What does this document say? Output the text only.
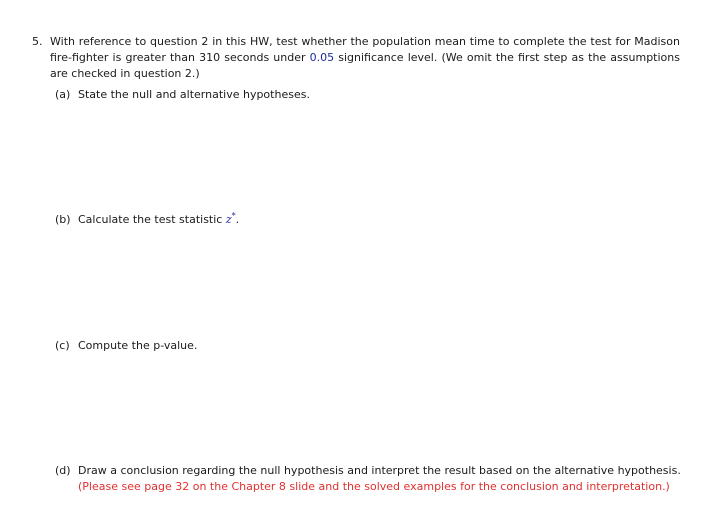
5. With reference to question 2 in this HW, test whether the population mean time to complete the test for Madison fire-fighter is greater than 310 seconds under 0.05 significance level. (We omit the first step as the assumptions are checked in question 2.)
(a) State the null and alternative hypotheses.
(b) Calculate the test statistic z*.
(c) Compute the p-value.
(d) Draw a conclusion regarding the null hypothesis and interpret the result based on the alternative hypothesis.
(Please see page 32 on the Chapter 8 slide and the solved examples for the conclusion and interpretation.)
